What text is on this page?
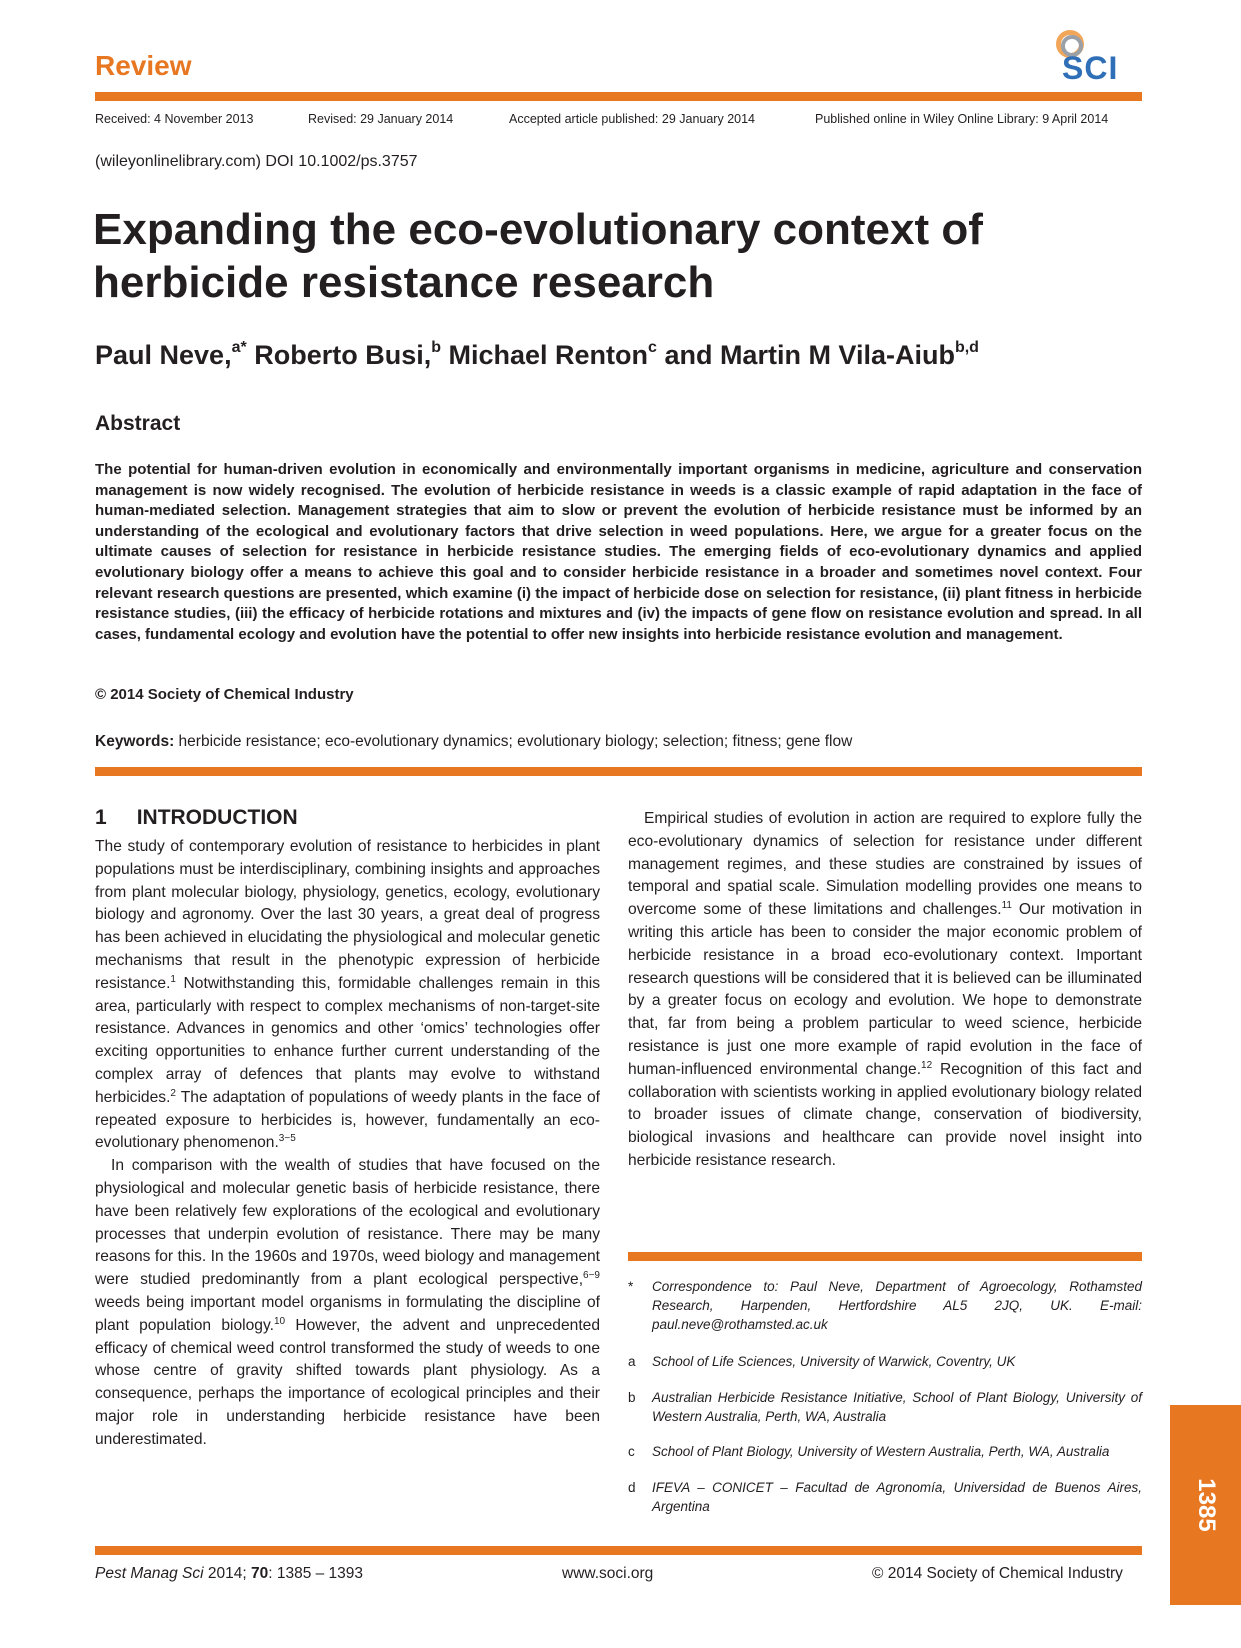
Review	SCI
Received: 4 November 2013	Revised: 29 January 2014	Accepted article published: 29 January 2014	Published online in Wiley Online Library: 9 April 2014
(wileyonlinelibrary.com) DOI 10.1002/ps.3757
Expanding the eco-evolutionary context of
herbicide resistance research
Paul Neve,$^{a*}$ Roberto Busi,$^b$ Michael Renton$^c$ and Martin M Vila-Aiub$^{b,d}$
Abstract
The potential for human-driven evolution in economically and environmentally important organisms in medicine, agriculture and conservation management is now widely recognised. The evolution of herbicide resistance in weeds is a classic example of rapid adaptation in the face of human-mediated selection. Management strategies that aim to slow or prevent the evolution of herbicide resistance must be informed by an understanding of the ecological and evolutionary factors that drive selection in weed populations. Here, we argue for a greater focus on the ultimate causes of selection for resistance in herbicide resistance studies. The emerging fields of eco-evolutionary dynamics and applied evolutionary biology offer a means to achieve this goal and to consider herbicide resistance in a broader and sometimes novel context. Four relevant research questions are presented, which examine (i) the impact of herbicide dose on selection for resistance, (ii) plant fitness in herbicide resistance studies, (iii) the efficacy of herbicide rotations and mixtures and (iv) the impacts of gene flow on resistance evolution and spread. In all cases, fundamental ecology and evolution have the potential to offer new insights into herbicide resistance evolution and management.
© 2014 Society of Chemical Industry
Keywords: herbicide resistance; eco-evolutionary dynamics; evolutionary biology; selection; fitness; gene flow
1 INTRODUCTION

The study of contemporary evolution of resistance to herbicides in plant populations must be interdisciplinary, combining insights and approaches from plant molecular biology, physiology, genetics, ecology, evolutionary biology and agronomy. Over the last 30 years, a great deal of progress has been achieved in elucidating the physiological and molecular genetic mechanisms that result in the phenotypic expression of herbicide resistance.$^1$ Notwithstanding this, formidable challenges remain in this area, particularly with respect to complex mechanisms of non-target-site resistance. Advances in genomics and other ‘omics’ technologies offer exciting opportunities to enhance further current understanding of the complex array of defences that plants may evolve to withstand herbicides.$^2$ The adaptation of populations of weedy plants in the face of repeated exposure to herbicides is, however, fundamentally an eco-evolutionary phenomenon.$^{3-5}$

In comparison with the wealth of studies that have focused on the physiological and molecular genetic basis of herbicide resistance, there have been relatively few explorations of the ecological and evolutionary processes that underpin evolution of resistance. There may be many reasons for this. In the 1960s and 1970s, weed biology and management were studied predominantly from a plant ecological perspective,$^{6-9}$ weeds being important model organisms in formulating the discipline of plant population biology.$^{10}$ However, the advent and unprecedented efficacy of chemical weed control transformed the study of weeds to one whose centre of gravity shifted towards plant physiology. As a consequence, perhaps the importance of ecological principles and their major role in understanding herbicide resistance have been underestimated.

Empirical studies of evolution in action are required to explore fully the eco-evolutionary dynamics of selection for resistance under different management regimes, and these studies are constrained by issues of temporal and spatial scale. Simulation modelling provides one means to overcome some of these limitations and challenges.$^{11}$ Our motivation in writing this article has been to consider the major economic problem of herbicide resistance in a broad eco-evolutionary context. Important research questions will be considered that it is believed can be illuminated by a greater focus on ecology and evolution. We hope to demonstrate that, far from being a problem particular to weed science, herbicide resistance is just one more example of rapid evolution in the face of human-influenced environmental change.$^{12}$ Recognition of this fact and collaboration with scientists working in applied evolutionary biology related to broader issues of climate change, conservation of biodiversity, biological invasions and healthcare can provide novel insight into herbicide resistance research.

* Correspondence to: Paul Neve, Department of Agroecology, Rothamsted Research, Harpenden, Hertfordshire AL5 2JQ, UK. E-mail: paul.neve@rothamsted.ac.uk
a School of Life Sciences, University of Warwick, Coventry, UK
b Australian Herbicide Resistance Initiative, School of Plant Biology, University of Western Australia, Perth, WA, Australia
c School of Plant Biology, University of Western Australia, Perth, WA, Australia
d IFEVA – CONICET – Facultad de Agronomía, Universidad de Buenos Aires, Argentina
Pest Manag Sci 2014; 70: 1385 – 1393	www.soci.org	© 2014 Society of Chemical Industry
1385
